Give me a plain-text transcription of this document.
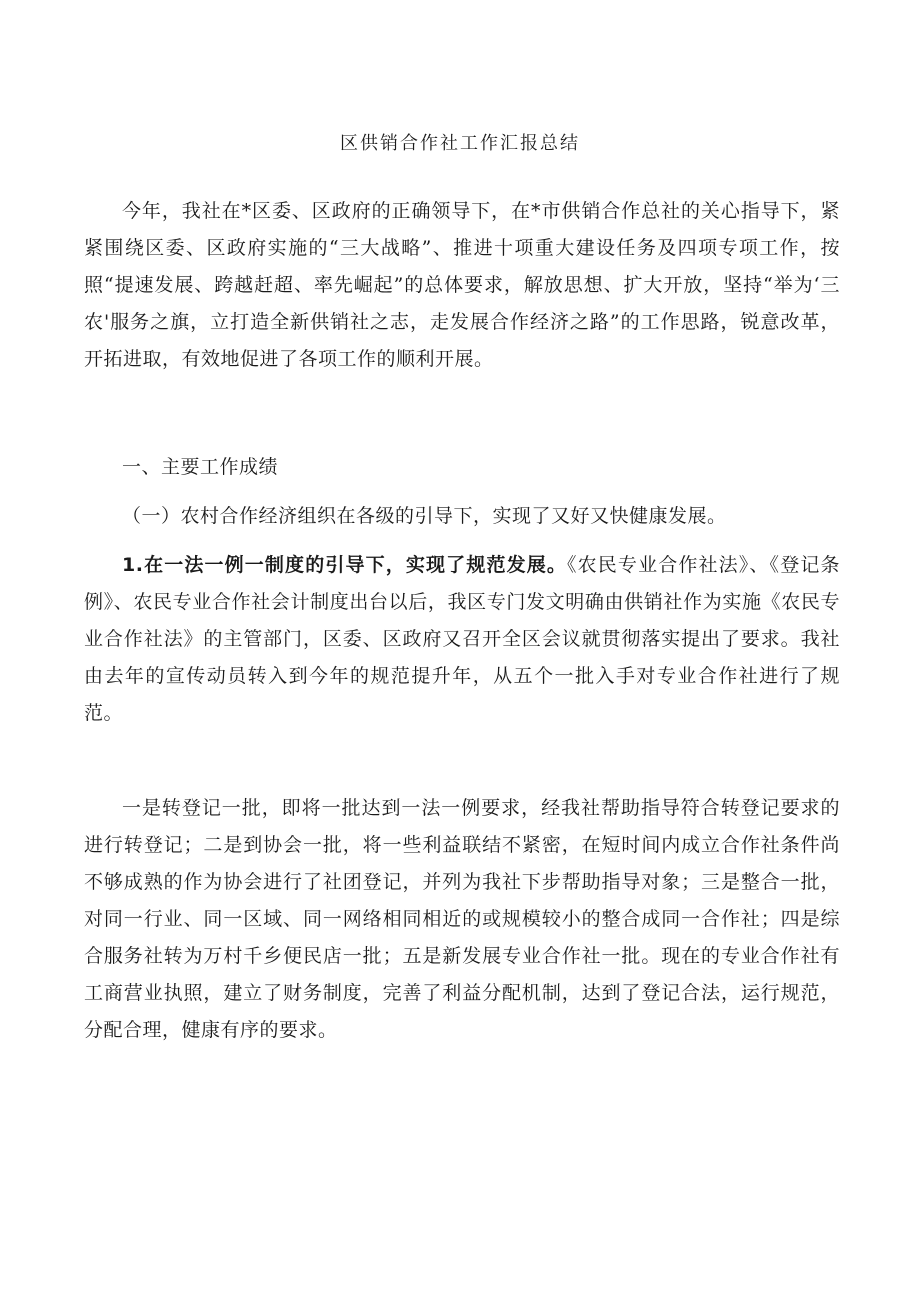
区供销合作社工作汇报总结

今年，我社在*区委、区政府的正确领导下，在*市供销合作总社的关心指导下，紧紧围绕区委、区政府实施的“三大战略”、推进十项重大建设任务及四项专项工作，按照“提速发展、跨越赶超、率先崛起”的总体要求，解放思想、扩大开放，坚持“举为‘三农'服务之旗，立打造全新供销社之志，走发展合作经济之路”的工作思路，锐意改革，开拓进取，有效地促进了各项工作的顺利开展。

一、主要工作成绩

（一）农村合作经济组织在各级的引导下，实现了又好又快健康发展。

1.在一法一例一制度的引导下，实现了规范发展。《农民专业合作社法》、《登记条例》、农民专业合作社会计制度出台以后，我区专门发文明确由供销社作为实施《农民专业合作社法》的主管部门，区委、区政府又召开全区会议就贯彻落实提出了要求。我社由去年的宣传动员转入到今年的规范提升年，从五个一批入手对专业合作社进行了规范。

一是转登记一批，即将一批达到一法一例要求，经我社帮助指导符合转登记要求的进行转登记；二是到协会一批，将一些利益联结不紧密，在短时间内成立合作社条件尚不够成熟的作为协会进行了社团登记，并列为我社下步帮助指导对象；三是整合一批，对同一行业、同一区域、同一网络相同相近的或规模较小的整合成同一合作社；四是综合服务社转为万村千乡便民店一批；五是新发展专业合作社一批。现在的专业合作社有工商营业执照，建立了财务制度，完善了利益分配机制，达到了登记合法，运行规范，分配合理，健康有序的要求。
